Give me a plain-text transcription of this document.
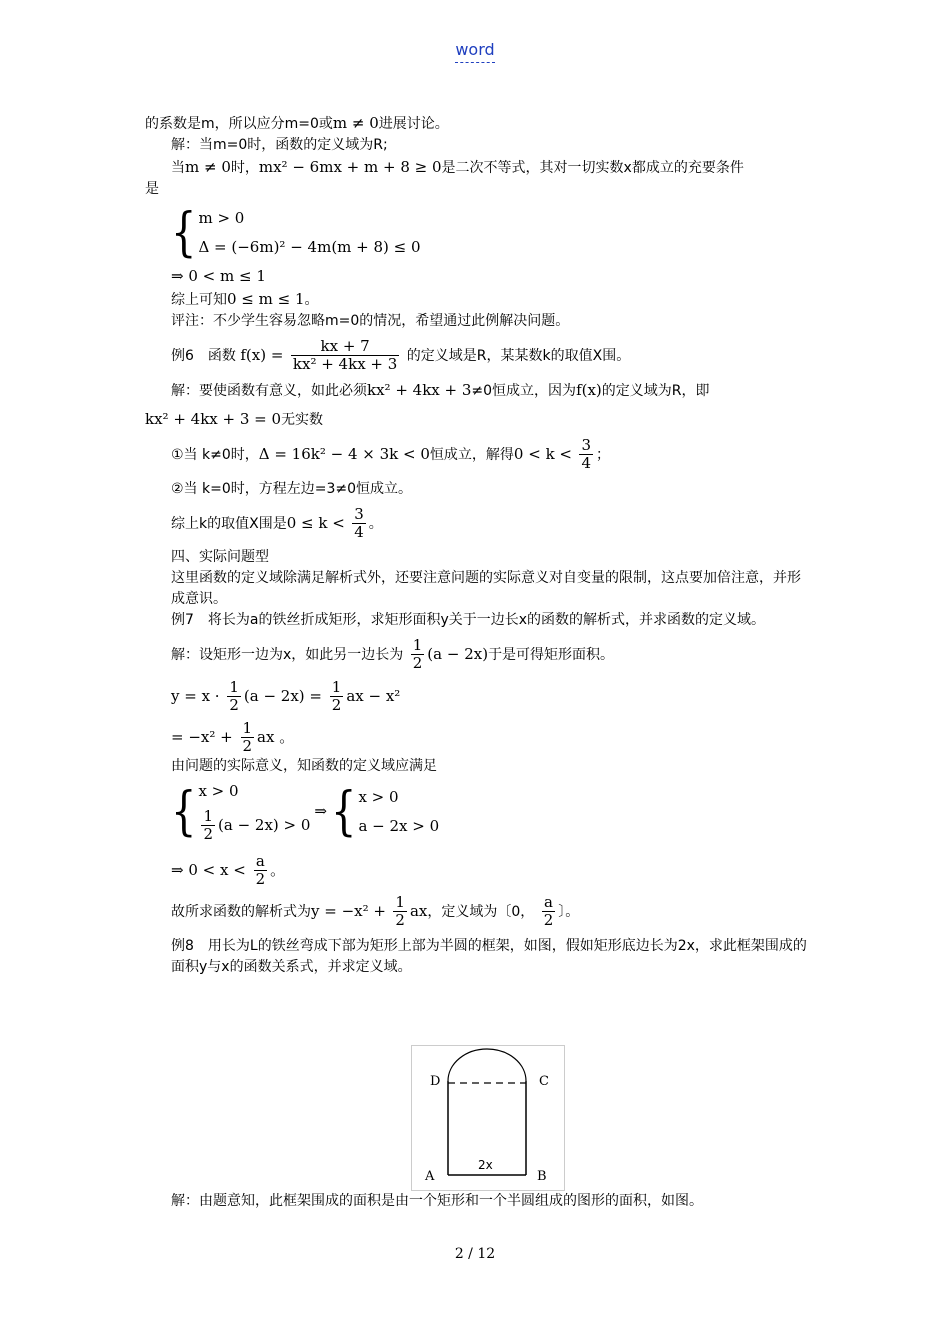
word

的系数是m，所以应分m=0或m ≠ 0进展讨论。

解：当m=0时，函数的定义域为R;

当m ≠ 0时，mx² − 6mx + m + 8 ≥ 0是二次不等式，其对一切实数x都成立的充要条件

是

{ m > 0
Δ = (−6m)² − 4m(m + 8) ≤ 0

⇒ 0 < m ≤ 1

综上可知0 ≤ m ≤ 1。

评注：不少学生容易忽略m=0的情况，希望通过此例解决问题。

例6　函数 $f(x) = \frac{kx + 7}{\text{kx² + 4kx + 3}}$ 的定义域是R，某某数k的取值X围。

解：要使函数有意义，如此必须kx² + 4kx + 3≠0恒成立，因为f(x)的定义域为R，即

kx² + 4kx + 3 = 0无实数

①当 k≠0时，Δ = 16k² − 4 × 3k < 0恒成立，解得$0 < k < \frac{3}{4}$ ；

②当 k=0时，方程左边=3≠0恒成立。

综上k的取值X围是$0 \le k < \frac{3}{4}$ 。

四、实际问题型

这里函数的定义域除满足解析式外，还要注意问题的实际意义对自变量的限制，这点要加倍注意，并形成意识。

例7　将长为a的铁丝折成矩形，求矩形面积y关于一边长x的函数的解析式，并求函数的定义域。

解：设矩形一边为x，如此另一边长为 $\frac{1}{2} (a - 2x)$于是可得矩形面积。

$y = x \cdot \frac{1}{2} (a - 2x) = \frac{1}{2}$ ax − x²

= $-x^2 + \frac{1}{2}$ ax 。

由问题的实际意义，知函数的定义域应满足

{ x > 0
$\frac{1}{2} (a - 2x) > 0$
⇒ { x > 0
a − 2x > 0

⇒ $0 < x < \frac{a}{2}$ 。

故所求函数的解析式为$y = -x^2 + \frac{1}{2}$ ax，定义域为〔0， $\frac{a}{2}$ 〕。

例8　用长为L的铁丝弯成下部为矩形上部为半圆的框架，如图，假如矩形底边长为2x，求此框架围成的面积y与x的函数关系式，并求定义域。

D	C
A	B
2x

解：由题意知，此框架围成的面积是由一个矩形和一个半圆组成的图形的面积，如图。

2 / 12
